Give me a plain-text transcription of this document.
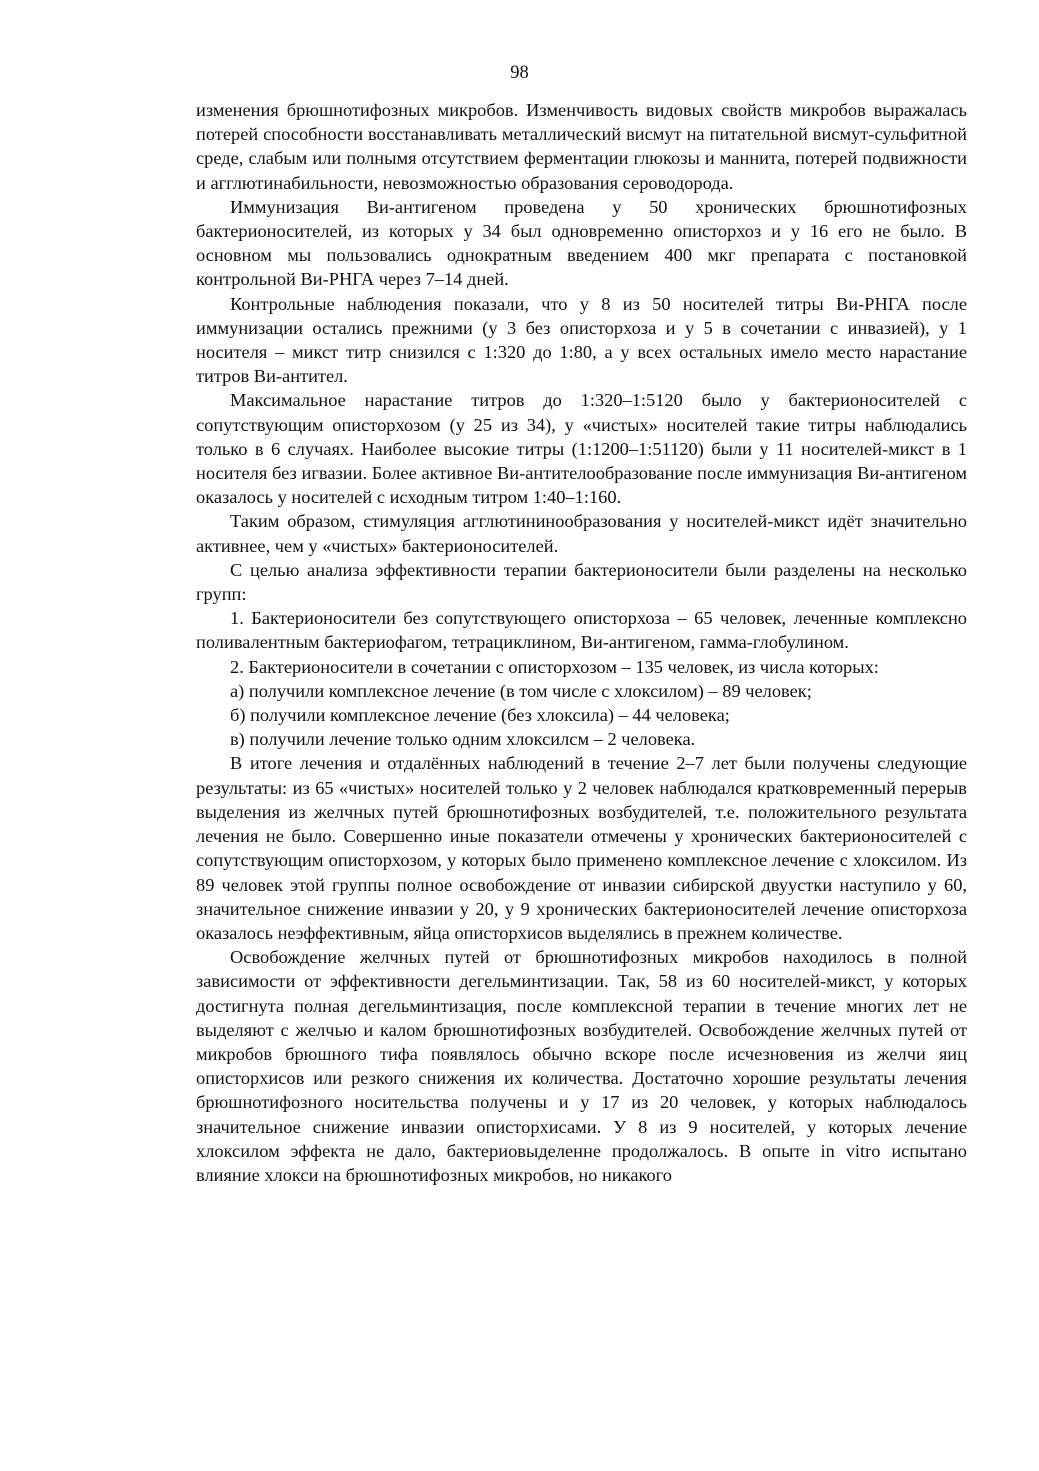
98

изменения брюшнотифозных микробов. Изменчивость видовых свойств микробов выражалась потерей способности восстанавливать металлический висмут на питательной висмут-сульфитной среде, слабым или полнымя отсутствием ферментации глюкозы и маннита, потерей подвижности и агглютинабильности, невозможностью образования сероводорода.

Иммунизация Ви-антигеном проведена у 50 хронических брюшнотифозных бактерионосителей, из которых у 34 был одновременно описторхоз и у 16 его не было. В основном мы пользовались однократным введением 400 мкг препарата с постановкой контрольной Ви-РНГА через 7–14 дней.

Контрольные наблюдения показали, что у 8 из 50 носителей титры Ви-РНГА после иммунизации остались прежними (у 3 без описторхоза и у 5 в сочетании с инвазией), у 1 носителя – микст титр снизился с 1:320 до 1:80, а у всех остальных имело место нарастание титров Ви-антител.

Максимальное нарастание титров до 1:320–1:5120 было у бактерионосителей с сопутствующим описторхозом (у 25 из 34), у «чистых» носителей такие титры наблюдались только в 6 случаях. Наиболее высокие титры (1:1200–1:51120) были у 11 носителей-микст в 1 носителя без игвазии. Более активное Ви-антителообразование после иммунизация Ви-антигеном оказалось у носителей с исходным титром 1:40–1:160.

Таким образом, стимуляция агглютининообразования у носителей-микст идёт значительно активнее, чем у «чистых» бактерионосителей.

С целью анализа эффективности терапии бактерионосители были разделены на несколько групп:

1. Бактерионосители без сопутствующего описторхоза – 65 человек, леченные комплексно поливалентным бактериофагом, тетрациклином, Ви-антигеном, гамма-глобулином.

2. Бактерионосители в сочетании с описторхозом – 135 человек, из числа которых:

а) получили комплексное лечение (в том числе с хлоксилом) – 89 человек;

б) получили комплексное лечение (без хлоксила) – 44 человека;

в) получили лечение только одним хлоксилсм – 2 человека.

В итоге лечения и отдалённых наблюдений в течение 2–7 лет были получены следующие результаты: из 65 «чистых» носителей только у 2 человек наблюдался кратковременный перерыв выделения из желчных путей брюшнотифозных возбудителей, т.е. положительного результата лечения не было. Совершенно иные показатели отмечены у хронических бактерионосителей с сопутствующим описторхозом, у которых было применено комплексное лечение с хлоксилом. Из 89 человек этой группы полное освобождение от инвазии сибирской двуустки наступило у 60, значительное снижение инвазии у 20, у 9 хронических бактерионосителей лечение описторхоза оказалось неэффективным, яйца описторхисов выделялись в прежнем количестве.

Освобождение желчных путей от брюшнотифозных микробов находилось в полной зависимости от эффективности дегельминтизации. Так, 58 из 60 носителей-микст, у которых достигнута полная дегельминтизация, после комплексной терапии в течение многих лет не выделяют с желчью и калом брюшнотифозных возбудителей. Освобождение желчных путей от микробов брюшного тифа появлялось обычно вскоре после исчезновения из желчи яиц описторхисов или резкого снижения их количества. Достаточно хорошие результаты лечения брюшнотифозного носительства получены и у 17 из 20 человек, у которых наблюдалось значительное снижение инвазии описторхисами. У 8 из 9 носителей, у которых лечение хлоксилом эффекта не дало, бактериовыделенне продолжалось. В опыте in vitro испытано влияние хлокси на брюшнотифозных микробов, но никакого
